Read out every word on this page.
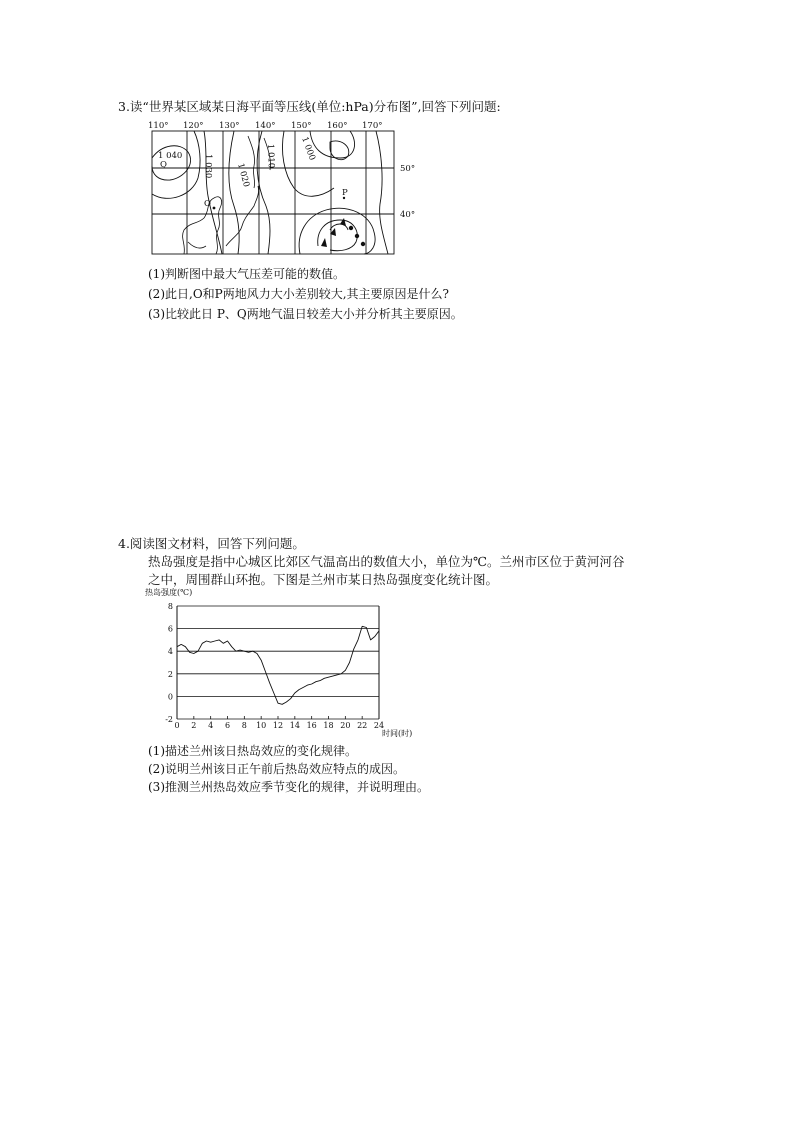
3.读“世界某区域某日海平面等压线(单位:hPa)分布图”,回答下列问题:
110° 120° 130° 140° 150° 160° 170°
50°
40°
1 040 1 030	1 020
1 010	1 000
Q
O
P
(1)判断图中最大气压差可能的数值。
(2)此日,O和P两地风力大小差别较大,其主要原因是什么?
(3)比较此日 P、Q两地气温日较差大小并分析其主要原因。
4.阅读图文材料，回答下列问题。
热岛强度是指中心城区比郊区气温高出的数值大小，单位为℃。兰州市区位于黄河河谷
之中，周围群山环抱。下图是兰州市某日热岛强度变化统计图。
热岛强度(℃)
时间(时)
-2
0
2
4
6
8
0 2 4 6 8 10 12 14 16 18 20 22 24
(1)描述兰州该日热岛效应的变化规律。
(2)说明兰州该日正午前后热岛效应特点的成因。
(3)推测兰州热岛效应季节变化的规律，并说明理由。
